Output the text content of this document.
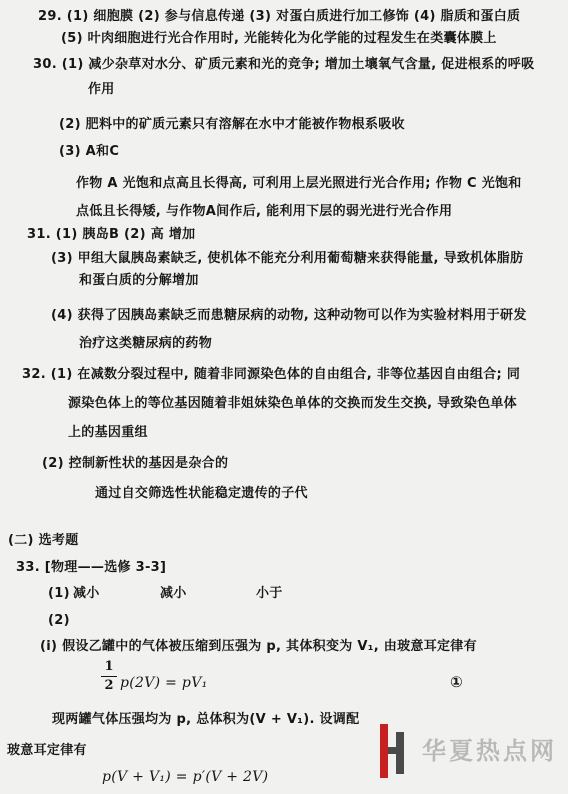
29. (1) 细胞膜 (2) 参与信息传递 (3) 对蛋白质进行加工修饰 (4) 脂质和蛋白质
(5) 叶肉细胞进行光合作用时, 光能转化为化学能的过程发生在类囊体膜上
30. (1) 减少杂草对水分、矿质元素和光的竞争; 增加土壤氧气含量, 促进根系的呼吸
作用
(2) 肥料中的矿质元素只有溶解在水中才能被作物根系吸收
(3) A和C
作物 A 光饱和点高且长得高, 可利用上层光照进行光合作用; 作物 C 光饱和
点低且长得矮, 与作物A间作后, 能利用下层的弱光进行光合作用
31. (1) 胰岛B (2) 高 增加
(3) 甲组大鼠胰岛素缺乏, 使机体不能充分利用葡萄糖来获得能量, 导致机体脂肪
和蛋白质的分解增加
(4) 获得了因胰岛素缺乏而患糖尿病的动物, 这种动物可以作为实验材料用于研发
治疗这类糖尿病的药物
32. (1) 在减数分裂过程中, 随着非同源染色体的自由组合, 非等位基因自由组合; 同
源染色体上的等位基因随着非姐妹染色单体的交换而发生交换, 导致染色单体
上的基因重组
(2) 控制新性状的基因是杂合的
通过自交筛选性状能稳定遗传的子代
(二) 选考题
33. [物理——选修 3-3]
(1) 减小	减小	小于
(2)
(i) 假设乙罐中的气体被压缩到压强为 p, 其体积变为 V₁, 由玻意耳定律有
1
2 p(2V) = pV₁	①
现两罐气体压强均为 p, 总体积为(V + V₁). 设调配
玻意耳定律有
p(V + V₁) = p′(V + 2V)
华夏热点网
